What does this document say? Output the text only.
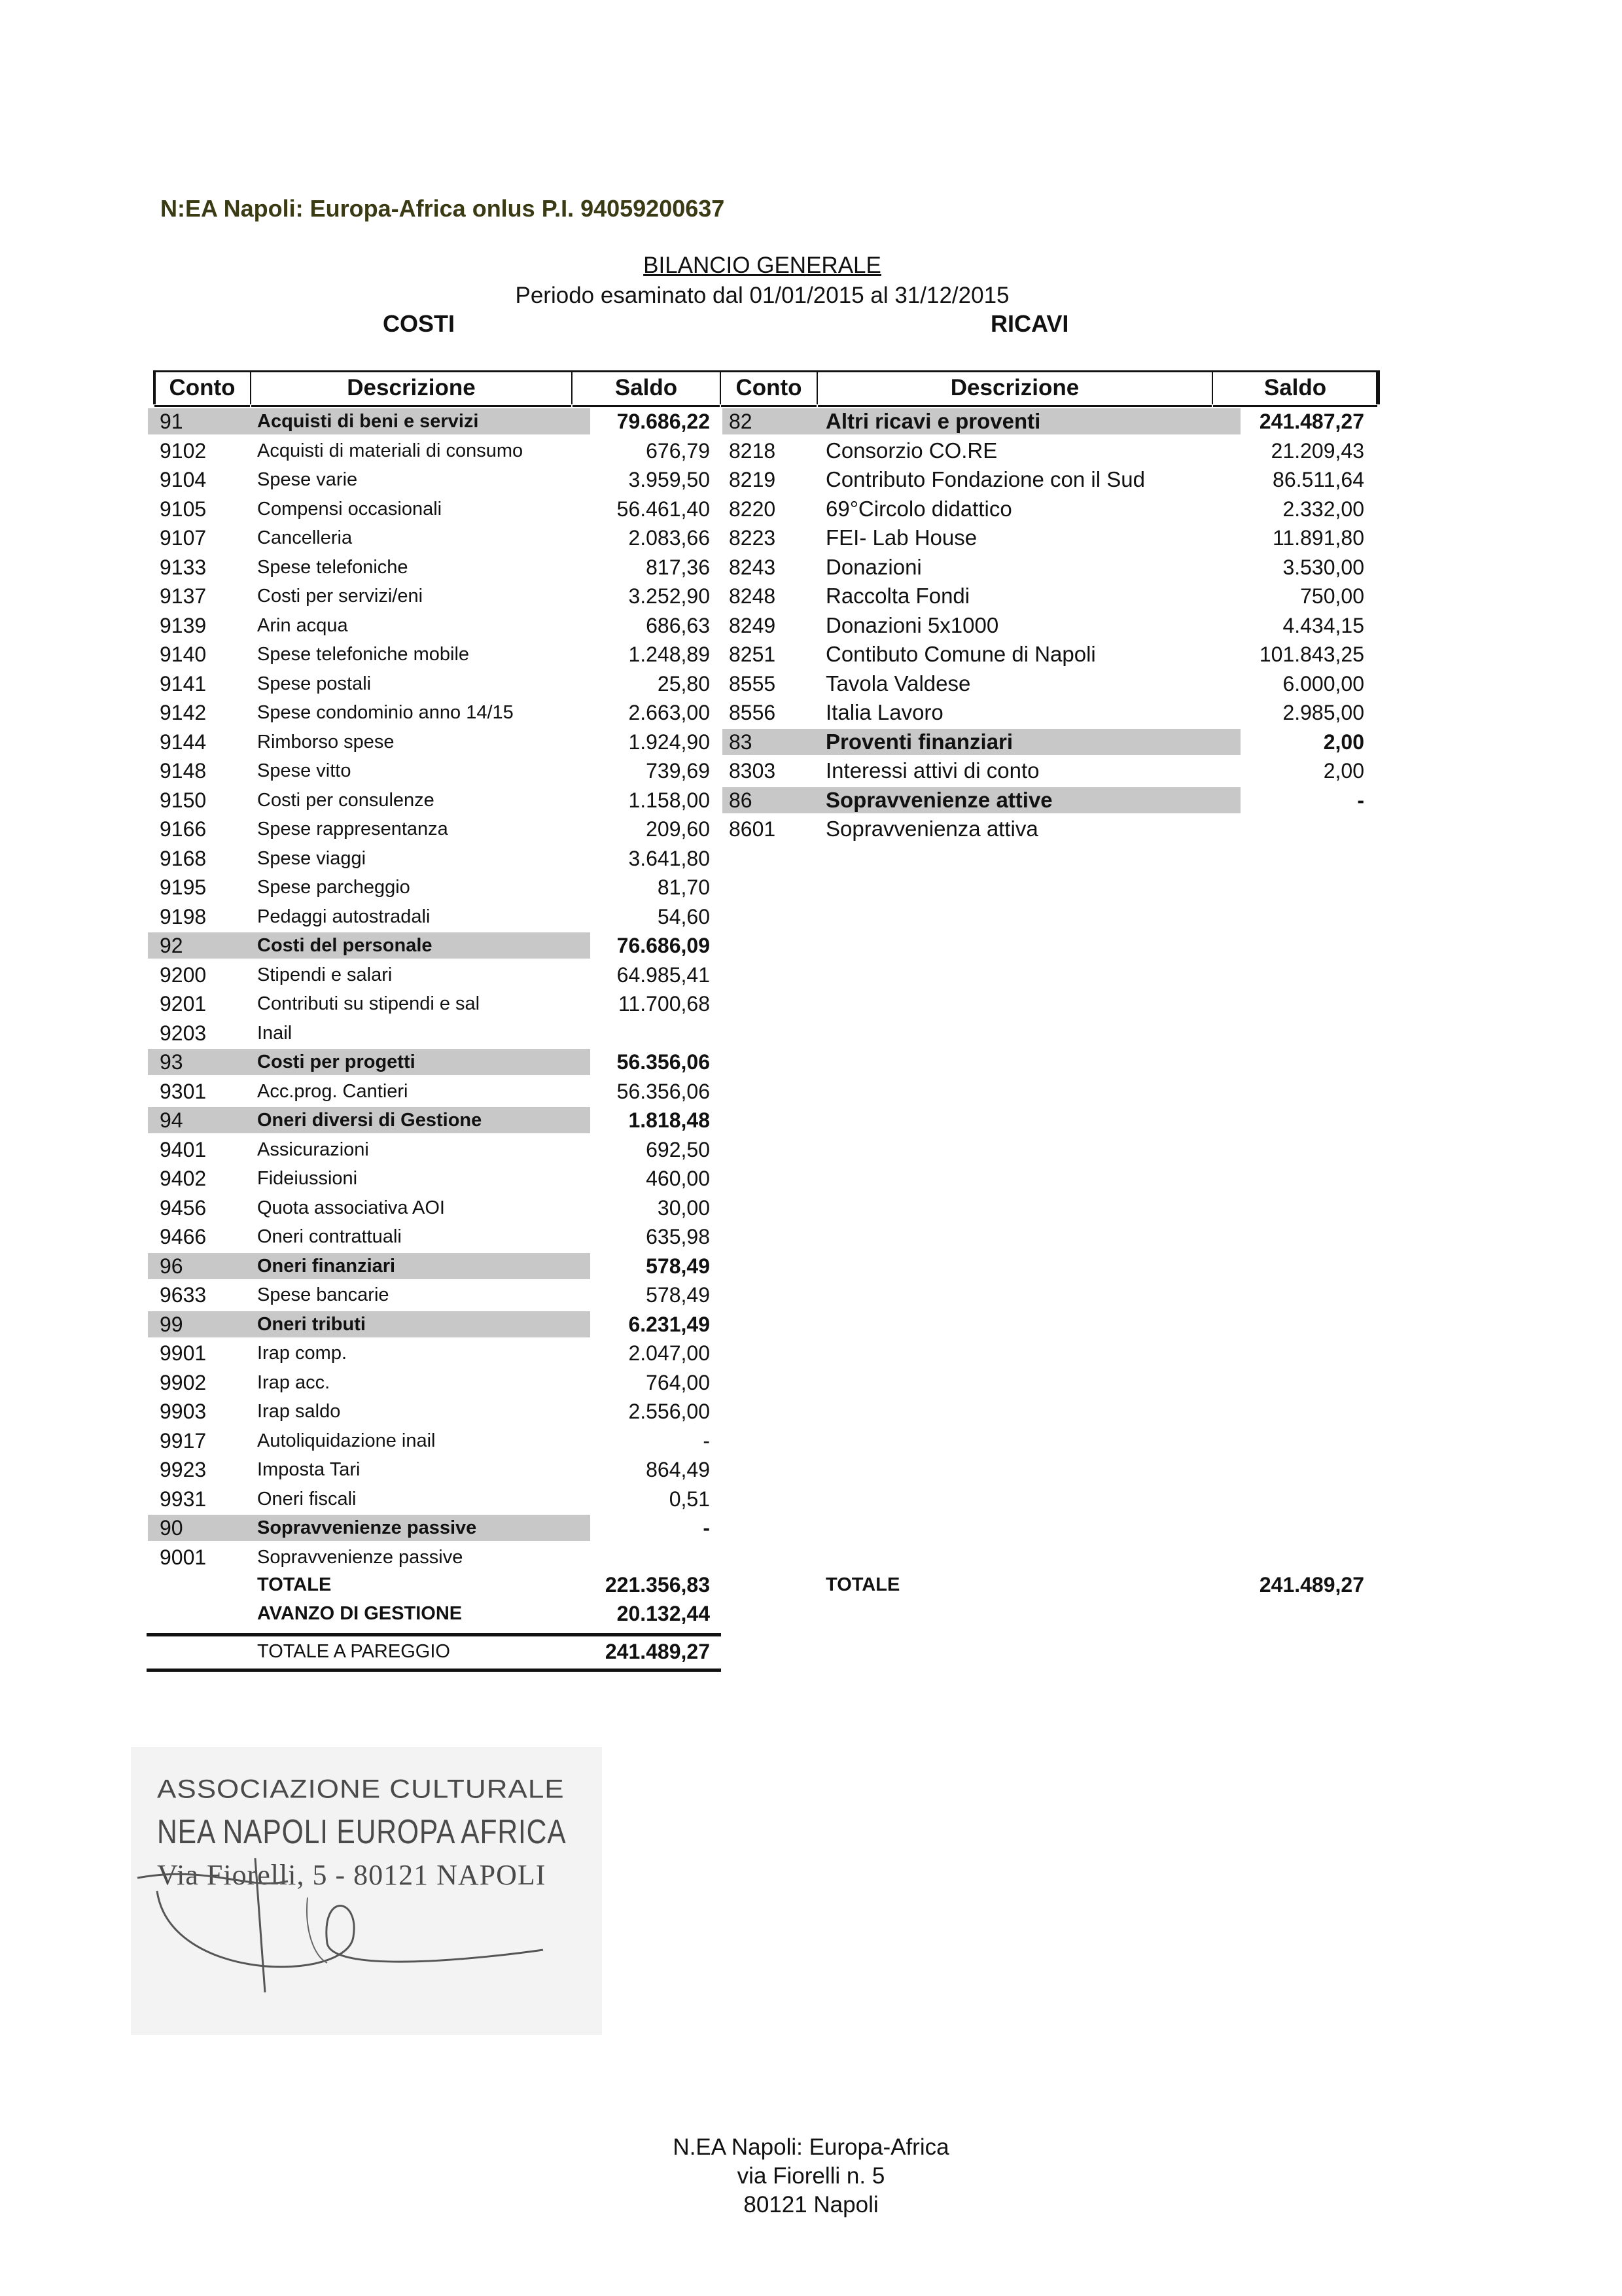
N:EA Napoli: Europa-Africa onlus P.I. 94059200637
BILANCIO GENERALE
Periodo esaminato dal 01/01/2015 al 31/12/2015
COSTI	RICAVI
Conto	Descrizione	Saldo	Conto	Descrizione	Saldo
91	Acquisti di beni e servizi	79.686,22
9102	Acquisti di materiali di consumo	676,79
9104	Spese varie	3.959,50
9105	Compensi occasionali	56.461,40
9107	Cancelleria	2.083,66
9133	Spese telefoniche	817,36
9137	Costi per servizi/eni	3.252,90
9139	Arin acqua	686,63
9140	Spese telefoniche mobile	1.248,89
9141	Spese postali	25,80
9142	Spese condominio anno 14/15	2.663,00
9144	Rimborso spese	1.924,90
9148	Spese vitto	739,69
9150	Costi per consulenze	1.158,00
9166	Spese rappresentanza	209,60
9168	Spese viaggi	3.641,80
9195	Spese parcheggio	81,70
9198	Pedaggi autostradali	54,60
92	Costi del personale	76.686,09
9200	Stipendi e salari	64.985,41
9201	Contributi su stipendi e sal	11.700,68
9203	Inail
93	Costi per progetti	56.356,06
9301	Acc.prog. Cantieri	56.356,06
94	Oneri diversi di Gestione	1.818,48
9401	Assicurazioni	692,50
9402	Fideiussioni	460,00
9456	Quota associativa AOI	30,00
9466	Oneri contrattuali	635,98
96	Oneri finanziari	578,49
9633	Spese bancarie	578,49
99	Oneri tributi	6.231,49
9901	Irap comp.	2.047,00
9902	Irap acc.	764,00
9903	Irap saldo	2.556,00
9917	Autoliquidazione inail	-
9923	Imposta Tari	864,49
9931	Oneri fiscali	0,51
90	Sopravvenienze passive	-
9001	Sopravvenienze passive
82	Altri ricavi e proventi	241.487,27
8218 Consorzio CO.RE	21.209,43
8219 Contributo Fondazione con il Sud	86.511,64
8220 69°Circolo didattico	2.332,00
8223 FEI- Lab House	11.891,80
8243 Donazioni	3.530,00
8248 Raccolta Fondi	750,00
8249 Donazioni 5x1000	4.434,15
8251 Contibuto Comune di Napoli	101.843,25
8555 Tavola Valdese	6.000,00
8556 Italia Lavoro	2.985,00
83	Proventi finanziari	2,00
8303 Interessi attivi di conto	2,00
86	Sopravvenienze attive	-
8601 Sopravvenienza attiva
TOTALE	221.356,83
AVANZO DI GESTIONE	20.132,44
TOTALE A PAREGGIO	241.489,27
TOTALE	241.489,27
ASSOCIAZIONE CULTURALE
NEA NAPOLI EUROPA AFRICA
Via Fiorelli, 5 - 80121 NAPOLI
N.EA Napoli: Europa-Africa
via Fiorelli n. 5
80121 Napoli
